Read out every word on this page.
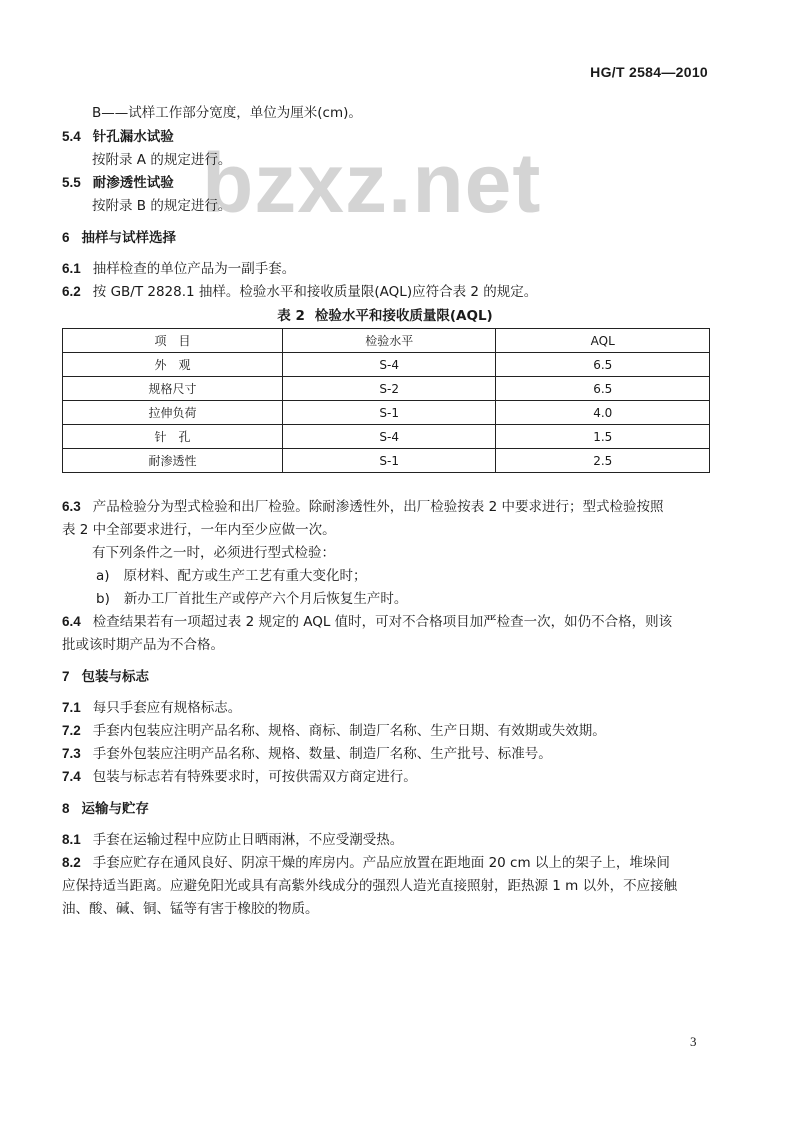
HG/T 2584—2010
bzxz.net
B——试样工作部分宽度，单位为厘米(cm)。
5.4 针孔漏水试验
按附录 A 的规定进行。
5.5 耐渗透性试验
按附录 B 的规定进行。
6 抽样与试样选择
6.1 抽样检查的单位产品为一副手套。
6.2 按 GB/T 2828.1 抽样。检验水平和接收质量限(AQL)应符合表 2 的规定。
表 2 检验水平和接收质量限(AQL)
项　目	检验水平	AQL
外　观	S-4	6.5
规格尺寸	S-2	6.5
拉伸负荷	S-1	4.0
针　孔	S-4	1.5
耐渗透性	S-1	2.5
6.3 产品检验分为型式检验和出厂检验。除耐渗透性外，出厂检验按表 2 中要求进行；型式检验按照
表 2 中全部要求进行，一年内至少应做一次。
有下列条件之一时，必须进行型式检验：
a) 原材料、配方或生产工艺有重大变化时；
b) 新办工厂首批生产或停产六个月后恢复生产时。
6.4 检查结果若有一项超过表 2 规定的 AQL 值时，可对不合格项目加严检查一次，如仍不合格，则该
批或该时期产品为不合格。
7 包装与标志
7.1 每只手套应有规格标志。
7.2 手套内包装应注明产品名称、规格、商标、制造厂名称、生产日期、有效期或失效期。
7.3 手套外包装应注明产品名称、规格、数量、制造厂名称、生产批号、标准号。
7.4 包装与标志若有特殊要求时，可按供需双方商定进行。
8 运输与贮存
8.1 手套在运输过程中应防止日晒雨淋，不应受潮受热。
8.2 手套应贮存在通风良好、阴凉干燥的库房内。产品应放置在距地面 20 cm 以上的架子上，堆垛间
应保持适当距离。应避免阳光或具有高紫外线成分的强烈人造光直接照射，距热源 1 m 以外，不应接触
油、酸、碱、铜、锰等有害于橡胶的物质。
3
